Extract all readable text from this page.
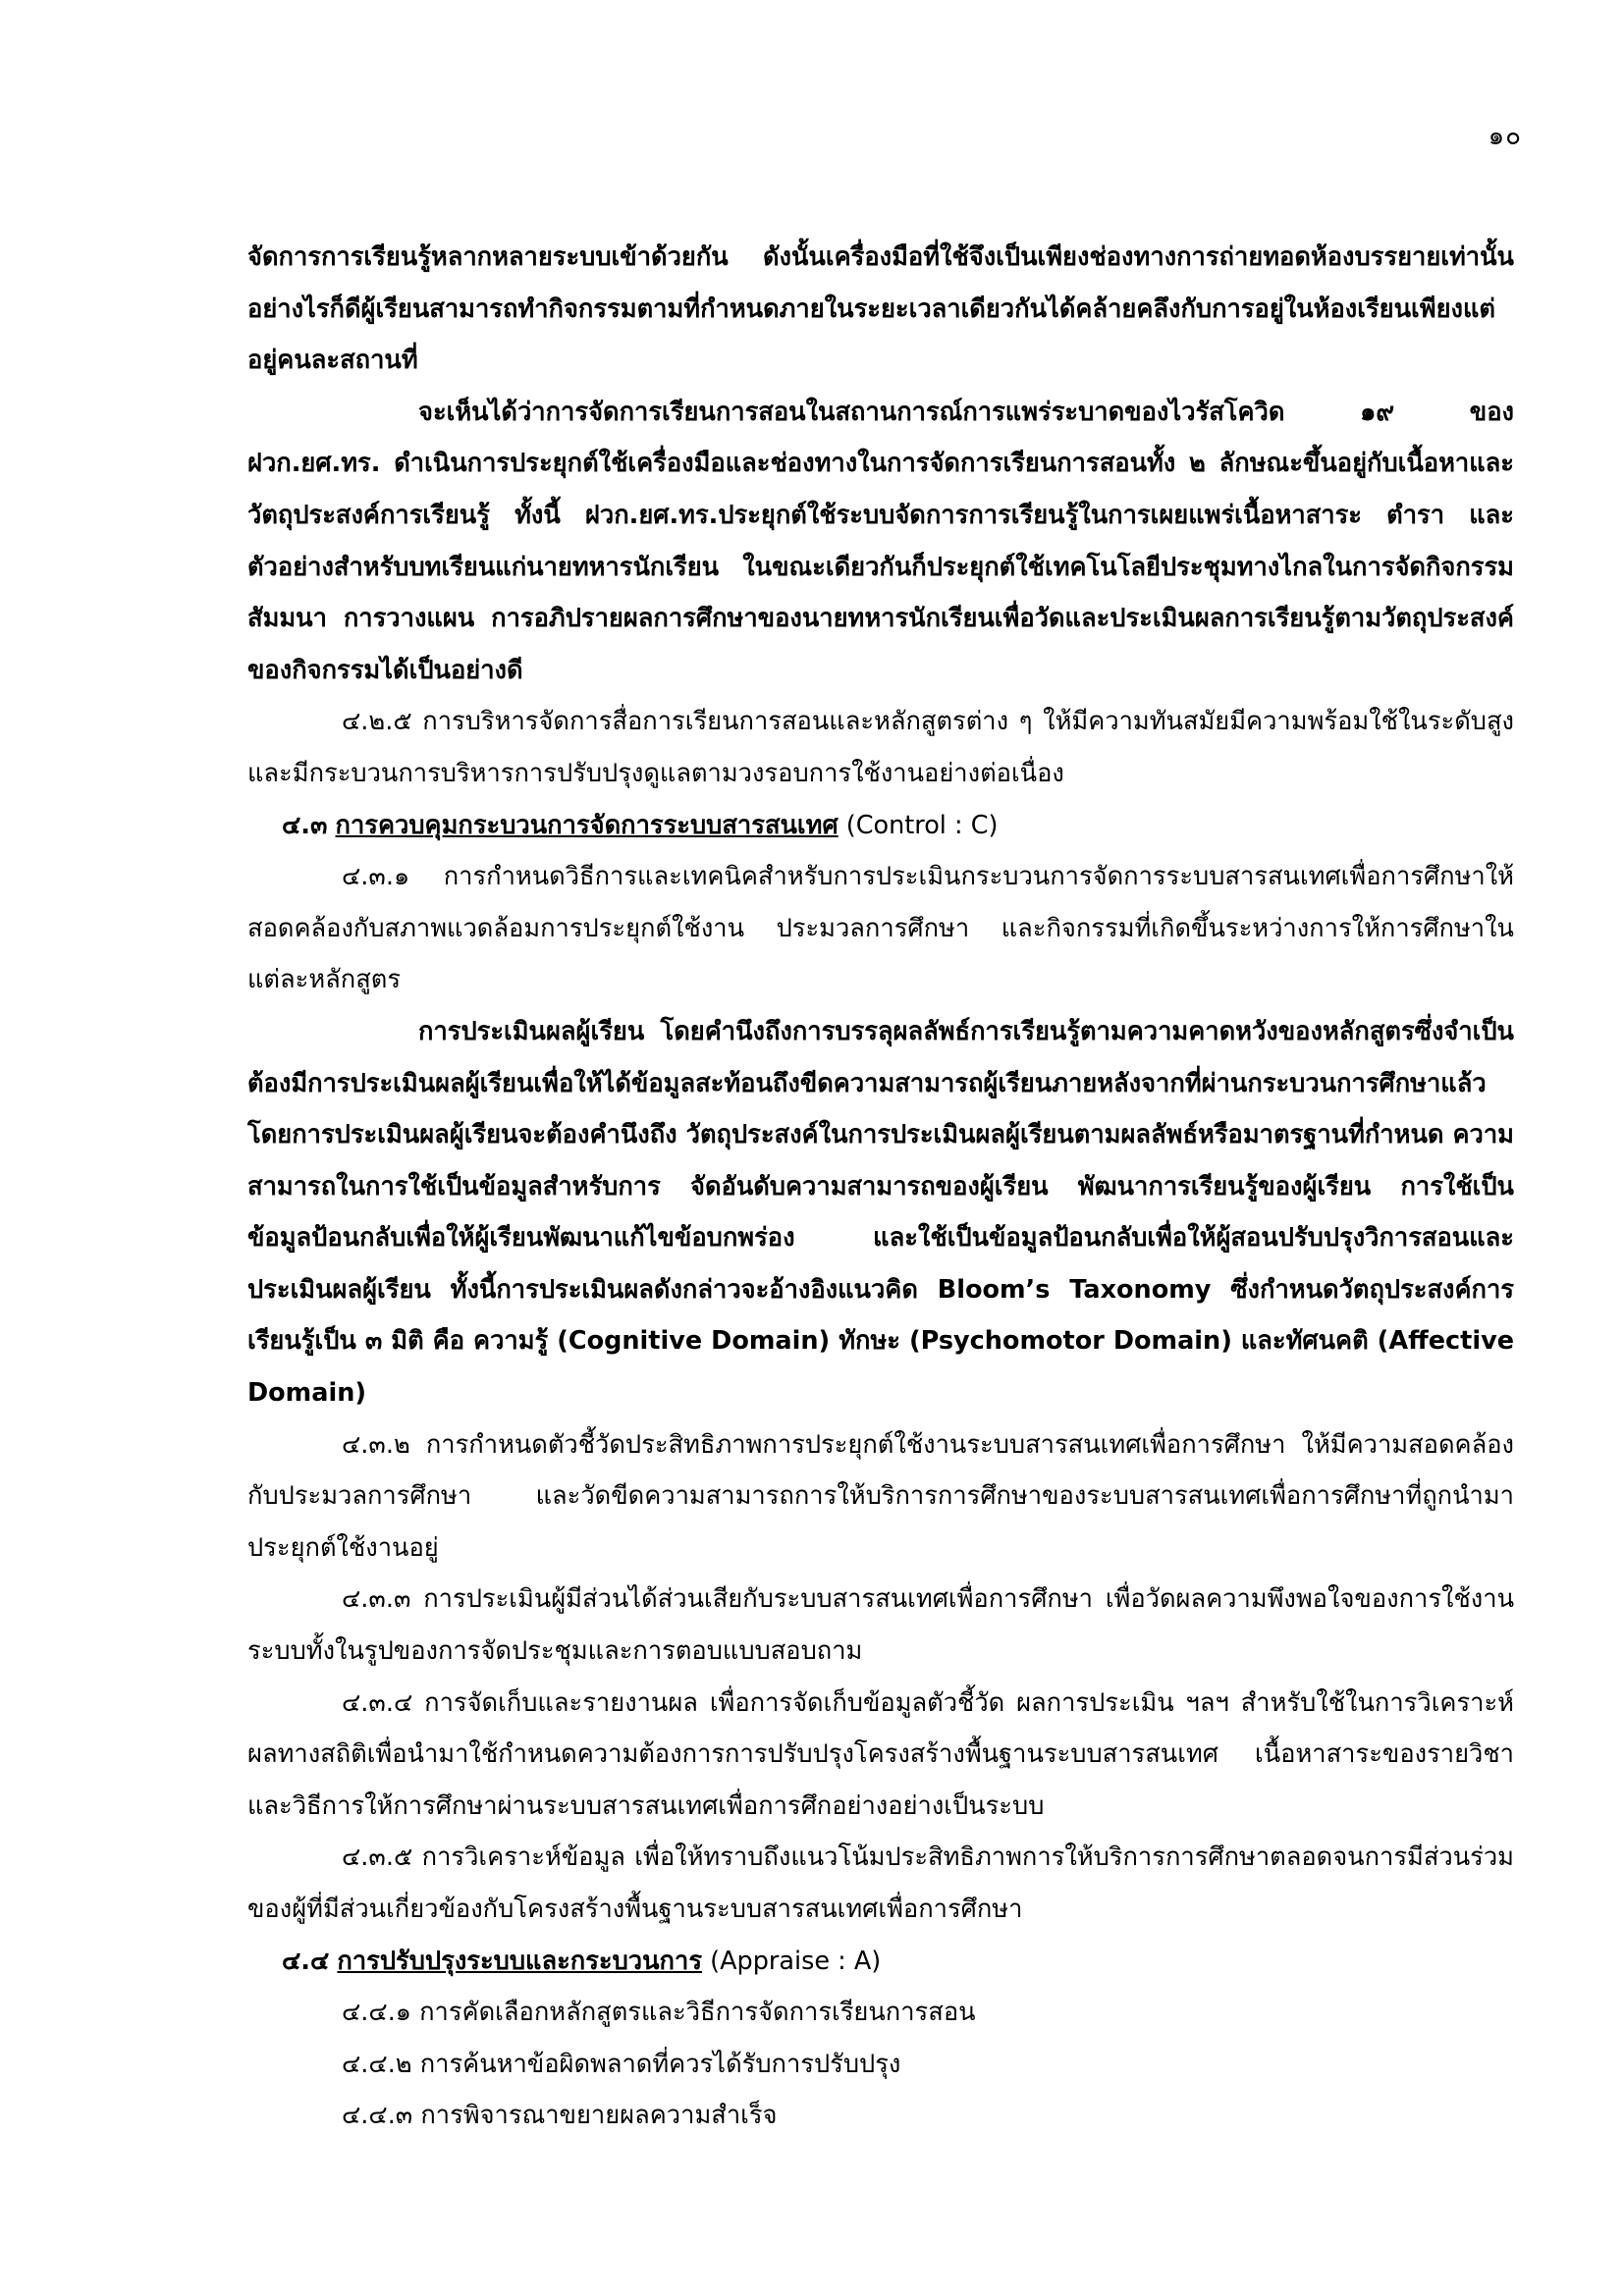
๑๐

จัดการการเรียนรู้หลากหลายระบบเข้าด้วยกัน ดังนั้นเครื่องมือที่ใช้จึงเป็นเพียงช่องทางการถ่ายทอดห้องบรรยายเท่านั้น อย่างไรก็ดีผู้เรียนสามารถทำกิจกรรมตามที่กำหนดภายในระยะเวลาเดียวกันได้คล้ายคลึงกับการอยู่ในห้องเรียนเพียงแต่อยู่คนละสถานที่

จะเห็นได้ว่าการจัดการเรียนการสอนในสถานการณ์การแพร่ระบาดของไวรัสโควิด ๑๙ ของ ฝวก.ยศ.ทร. ดำเนินการประยุกต์ใช้เครื่องมือและช่องทางในการจัดการเรียนการสอนทั้ง ๒ ลักษณะขึ้นอยู่กับเนื้อหาและวัตถุประสงค์การเรียนรู้ ทั้งนี้ ฝวก.ยศ.ทร.ประยุกต์ใช้ระบบจัดการการเรียนรู้ในการเผยแพร่เนื้อหาสาระ ตำรา และตัวอย่างสำหรับบทเรียนแก่นายทหารนักเรียน ในขณะเดียวกันก็ประยุกต์ใช้เทคโนโลยีประชุมทางไกลในการจัดกิจกรรมสัมมนา การวางแผน การอภิปรายผลการศึกษาของนายทหารนักเรียนเพื่อวัดและประเมินผลการเรียนรู้ตามวัตถุประสงค์ของกิจกรรมได้เป็นอย่างดี

๔.๒.๕ การบริหารจัดการสื่อการเรียนการสอนและหลักสูตรต่าง ๆ ให้มีความทันสมัยมีความพร้อมใช้ในระดับสูง และมีกระบวนการบริหารการปรับปรุงดูแลตามวงรอบการใช้งานอย่างต่อเนื่อง

๔.๓ การควบคุมกระบวนการจัดการระบบสารสนเทศ (Control : C)

๔.๓.๑ การกำหนดวิธีการและเทคนิคสำหรับการประเมินกระบวนการจัดการระบบสารสนเทศเพื่อการศึกษาให้สอดคล้องกับสภาพแวดล้อมการประยุกต์ใช้งาน ประมวลการศึกษา และกิจกรรมที่เกิดขึ้นระหว่างการให้การศึกษาในแต่ละหลักสูตร

การประเมินผลผู้เรียน โดยคำนึงถึงการบรรลุผลลัพธ์การเรียนรู้ตามความคาดหวังของหลักสูตรซึ่งจำเป็นต้องมีการประเมินผลผู้เรียนเพื่อให้ได้ข้อมูลสะท้อนถึงขีดความสามารถผู้เรียนภายหลังจากที่ผ่านกระบวนการศึกษาแล้วโดยการประเมินผลผู้เรียนจะต้องคำนึงถึง วัตถุประสงค์ในการประเมินผลผู้เรียนตามผลลัพธ์หรือมาตรฐานที่กำหนด ความสามารถในการใช้เป็นข้อมูลสำหรับการ จัดอันดับความสามารถของผู้เรียน พัฒนาการเรียนรู้ของผู้เรียน การใช้เป็นข้อมูลป้อนกลับเพื่อให้ผู้เรียนพัฒนาแก้ไขข้อบกพร่อง และใช้เป็นข้อมูลป้อนกลับเพื่อให้ผู้สอนปรับปรุงวิการสอนและประเมินผลผู้เรียน ทั้งนี้การประเมินผลดังกล่าวจะอ้างอิงแนวคิด Bloom’s Taxonomy ซึ่งกำหนดวัตถุประสงค์การเรียนรู้เป็น ๓ มิติ คือ ความรู้ (Cognitive Domain) ทักษะ (Psychomotor Domain) และทัศนคติ (Affective Domain)

๔.๓.๒ การกำหนดตัวชี้วัดประสิทธิภาพการประยุกต์ใช้งานระบบสารสนเทศเพื่อการศึกษา ให้มีความสอดคล้องกับประมวลการศึกษา และวัดขีดความสามารถการให้บริการการศึกษาของระบบสารสนเทศเพื่อการศึกษาที่ถูกนำมาประยุกต์ใช้งานอยู่

๔.๓.๓ การประเมินผู้มีส่วนได้ส่วนเสียกับระบบสารสนเทศเพื่อการศึกษา เพื่อวัดผลความพึงพอใจของการใช้งานระบบทั้งในรูปของการจัดประชุมและการตอบแบบสอบถาม

๔.๓.๔ การจัดเก็บและรายงานผล เพื่อการจัดเก็บข้อมูลตัวชี้วัด ผลการประเมิน ฯลฯ สำหรับใช้ในการวิเคราะห์ผลทางสถิติเพื่อนำมาใช้กำหนดความต้องการการปรับปรุงโครงสร้างพื้นฐานระบบสารสนเทศ เนื้อหาสาระของรายวิชา และวิธีการให้การศึกษาผ่านระบบสารสนเทศเพื่อการศึกอย่างอย่างเป็นระบบ

๔.๓.๕ การวิเคราะห์ข้อมูล เพื่อให้ทราบถึงแนวโน้มประสิทธิภาพการให้บริการการศึกษาตลอดจนการมีส่วนร่วมของผู้ที่มีส่วนเกี่ยวข้องกับโครงสร้างพื้นฐานระบบสารสนเทศเพื่อการศึกษา

๔.๔ การปรับปรุงระบบและกระบวนการ (Appraise : A)

๔.๔.๑ การคัดเลือกหลักสูตรและวิธีการจัดการเรียนการสอน

๔.๔.๒ การค้นหาข้อผิดพลาดที่ควรได้รับการปรับปรุง

๔.๔.๓ การพิจารณาขยายผลความสำเร็จ
